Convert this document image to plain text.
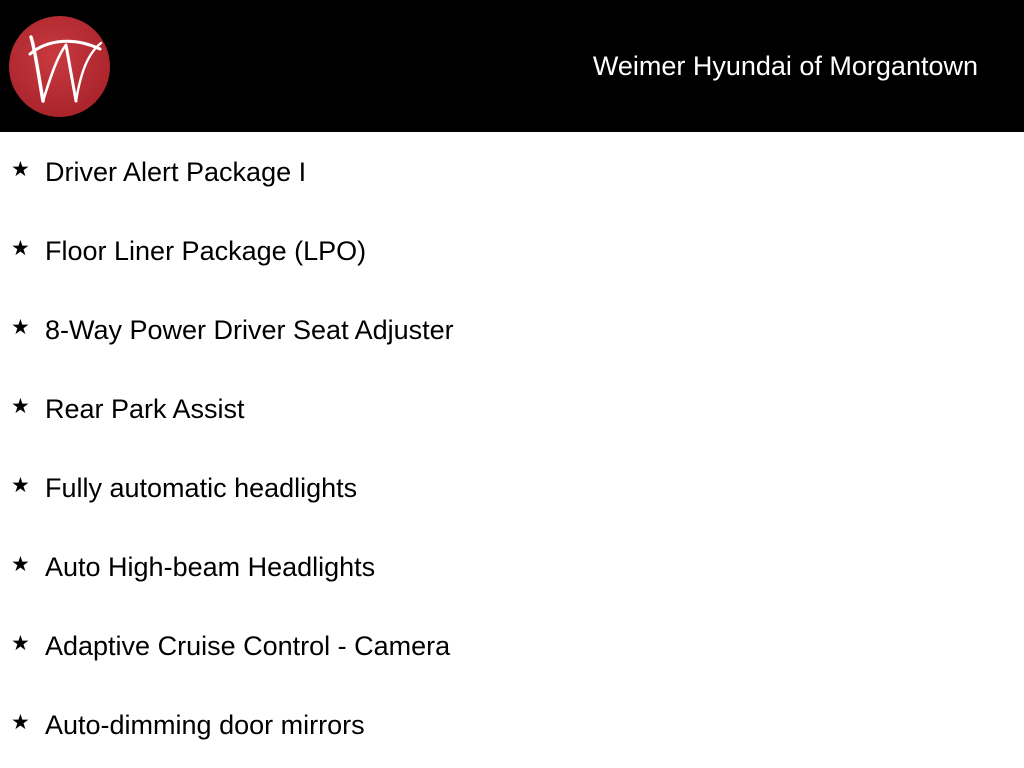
Weimer Hyundai of Morgantown
★ Driver Alert Package I
★ Floor Liner Package (LPO)
★ 8-Way Power Driver Seat Adjuster
★ Rear Park Assist
★ Fully automatic headlights
★ Auto High-beam Headlights
★ Adaptive Cruise Control - Camera
★ Auto-dimming door mirrors
